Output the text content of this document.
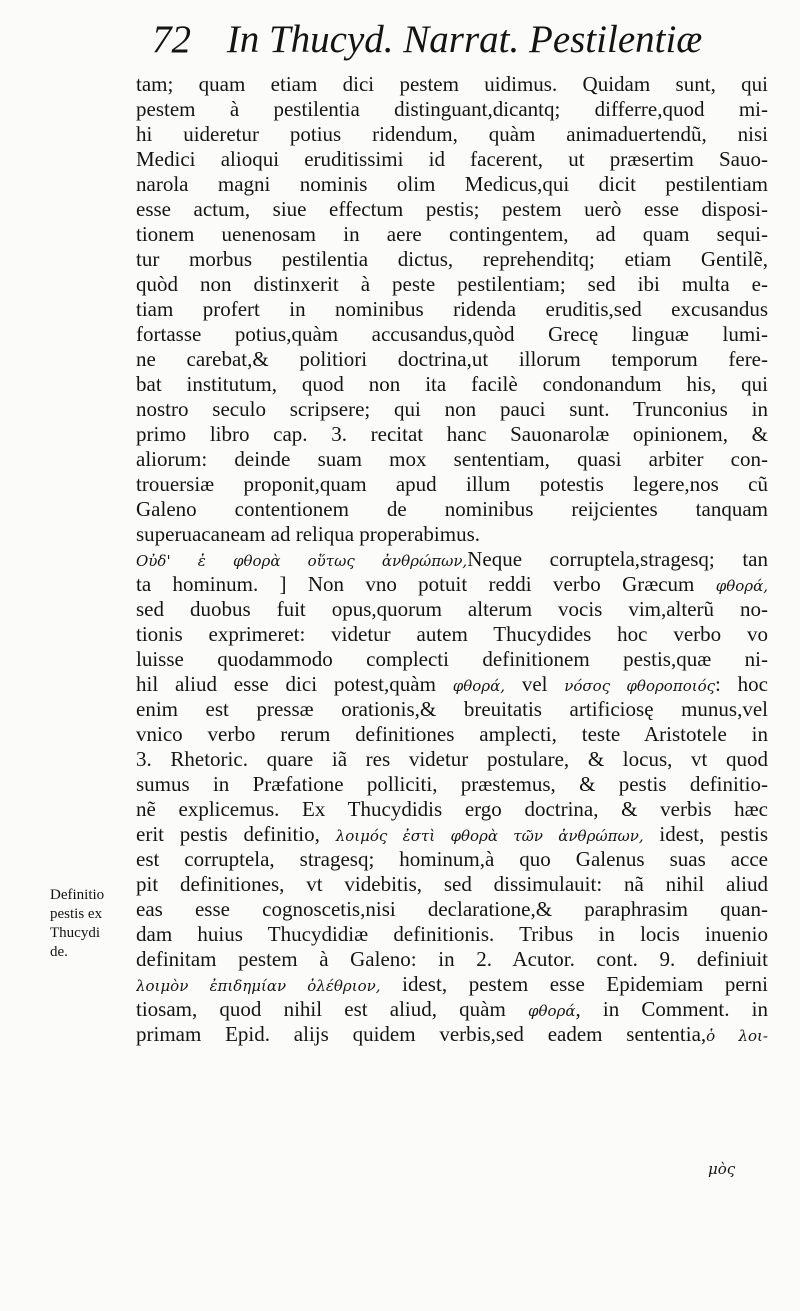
72 In Thucyd. Narrat. Pestilentiæ
tam; quam etiam dici pestem uidimus. Quidam sunt, qui
pestem à pestilentia distinguant,dicantq; differre,quod mi-
hi uideretur potius ridendum, quàm animaduertendũ, nisi
Medici alioqui eruditissimi id facerent, ut præsertim Sauo-
narola magni nominis olim Medicus,qui dicit pestilentiam
esse actum, siue effectum pestis; pestem uerò esse disposi-
tionem uenenosam in aere contingentem, ad quam sequi-
tur morbus pestilentia dictus, reprehenditq; etiam Gentilẽ,
quòd non distinxerit à peste pestilentiam; sed ibi multa e-
tiam profert in nominibus ridenda eruditis,sed excusandus
fortasse potius,quàm accusandus,quòd Grecę linguæ lumi-
ne carebat,& politiori doctrina,ut illorum temporum fere-
bat institutum, quod non ita facilè condonandum his, qui
nostro seculo scripsere; qui non pauci sunt. Trunconius in
primo libro cap. 3. recitat hanc Sauonarolæ opinionem, &
aliorum: deinde suam mox sententiam, quasi arbiter con-
trouersiæ proponit,quam apud illum potestis legere,nos cũ
Galeno contentionem de nominibus reijcientes tanquam
superuacaneam ad reliqua properabimus.
Οὐδ' ἐ φθορὰ οὕτως ἀνθρώπων,Neque corruptela,stragesq; tan
ta hominum. ] Non vno potuit reddi verbo Græcum φθορά,
sed duobus fuit opus,quorum alterum vocis vim,alterũ no-
tionis exprimeret: videtur autem Thucydides hoc verbo vo
luisse quodammodo complecti definitionem pestis,quæ ni-
hil aliud esse dici potest,quàm φθορά, vel νόσος φθοροποιός: hoc
enim est pressæ orationis,& breuitatis artificiosę munus,vel
vnico verbo rerum definitiones amplecti, teste Aristotele in
3. Rhetoric. quare iã res videtur postulare, & locus, vt quod
sumus in Præfatione polliciti, præstemus, & pestis definitio-
nẽ explicemus. Ex Thucydidis ergo doctrina, & verbis hæc
erit pestis definitio, λοιμός ἐστὶ φθορὰ τῶν ἀνθρώπων, idest, pestis
est corruptela, stragesq; hominum,à quo Galenus suas acce
pit definitiones, vt videbitis, sed dissimulauit: nã nihil aliud
eas esse cognoscetis,nisi declaratione,& paraphrasim quan-
dam huius Thucydidiæ definitionis. Tribus in locis inuenio
definitam pestem à Galeno: in 2. Acutor. cont. 9. definiuit
λοιμὸν ἐπιδημίαν ὀλέθριον, idest, pestem esse Epidemiam perni
tiosam, quod nihil est aliud, quàm φθορά, in Comment. in
primam Epid. alijs quidem verbis,sed eadem sententia,ὁ λοι-
μὸς
Definitio
pestis ex
Thucydi
de.
